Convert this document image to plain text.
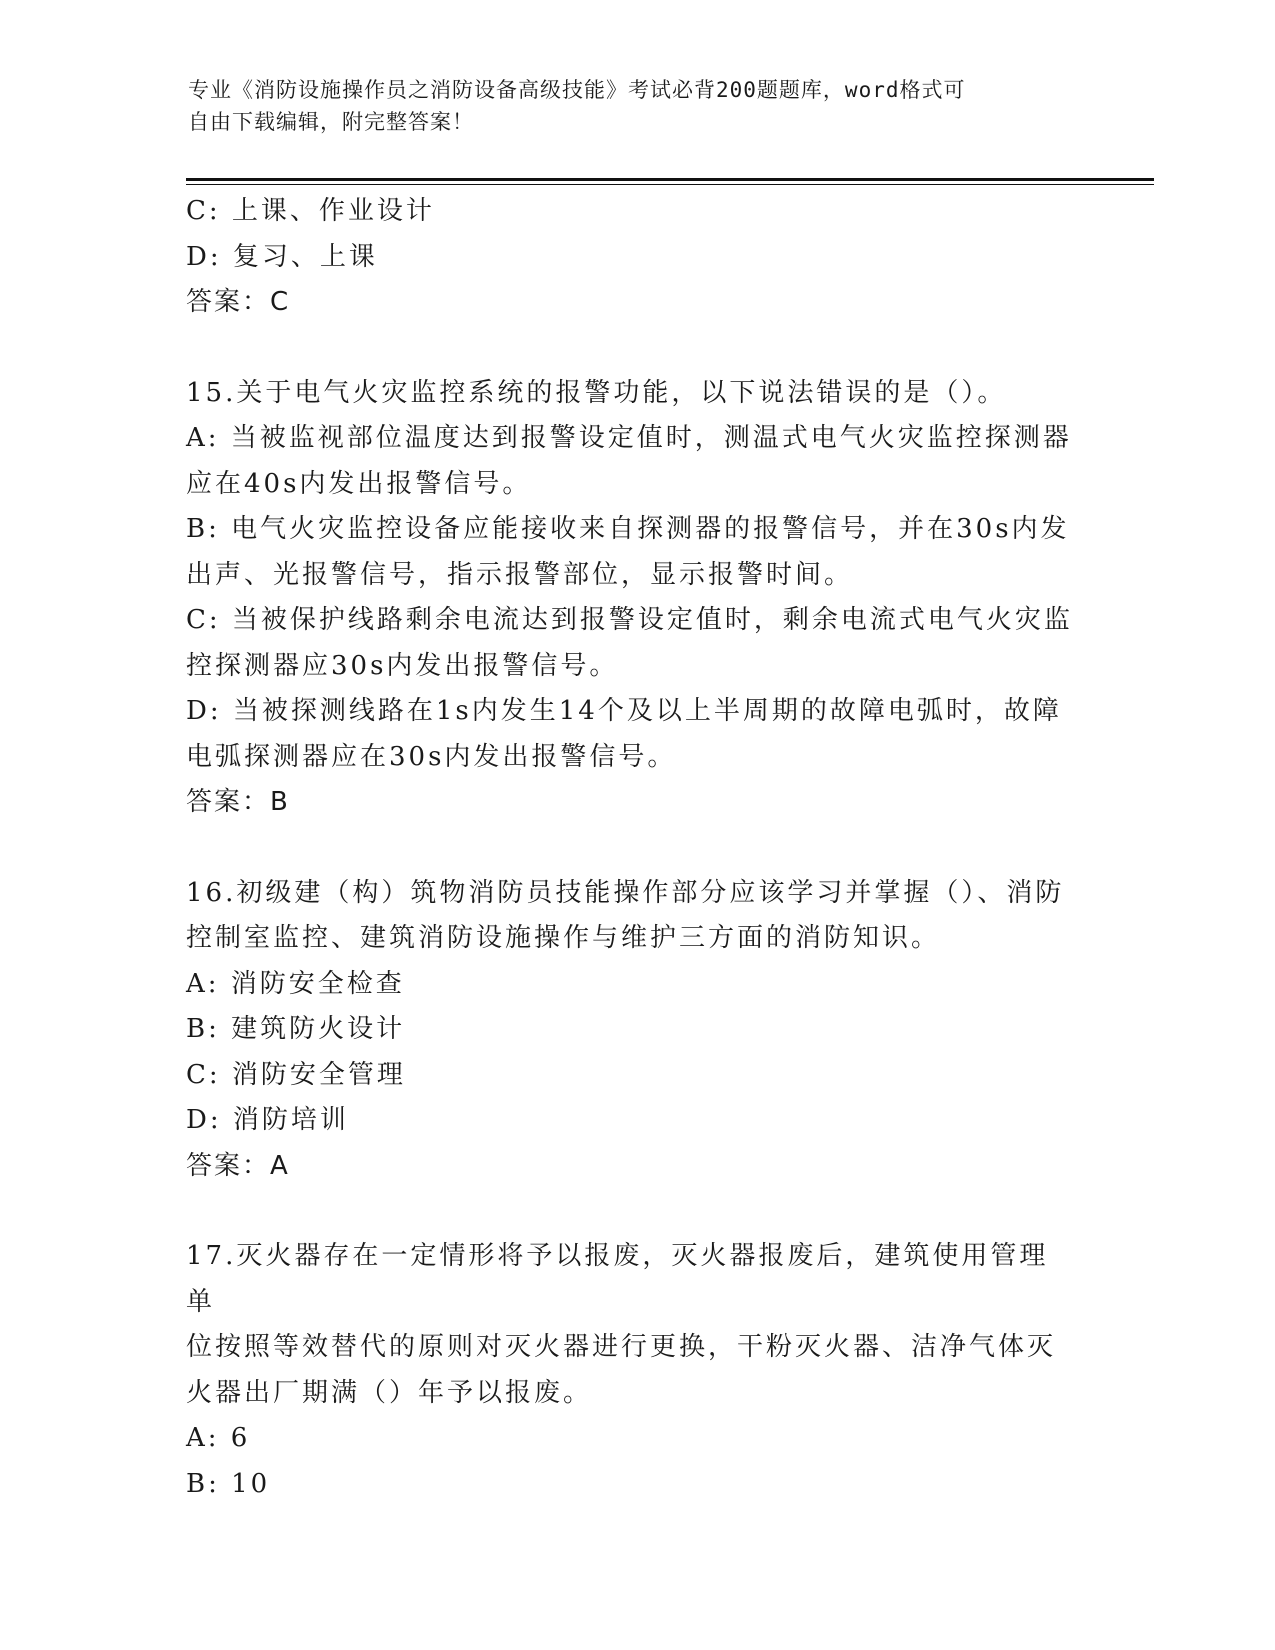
专业《消防设施操作员之消防设备高级技能》考试必背200题题库，word格式可
自由下载编辑，附完整答案！
C: 上课、作业设计
D: 复习、上课
答案：C
15.关于电气火灾监控系统的报警功能，以下说法错误的是（）。
A: 当被监视部位温度达到报警设定值时，测温式电气火灾监控探测器
应在40s内发出报警信号。
B: 电气火灾监控设备应能接收来自探测器的报警信号，并在30s内发
出声、光报警信号，指示报警部位，显示报警时间。
C: 当被保护线路剩余电流达到报警设定值时，剩余电流式电气火灾监
控探测器应30s内发出报警信号。
D: 当被探测线路在1s内发生14个及以上半周期的故障电弧时，故障
电弧探测器应在30s内发出报警信号。
答案：B
16.初级建（构）筑物消防员技能操作部分应该学习并掌握（）、消防
控制室监控、建筑消防设施操作与维护三方面的消防知识。
A: 消防安全检查
B: 建筑防火设计
C: 消防安全管理
D: 消防培训
答案：A
17.灭火器存在一定情形将予以报废，灭火器报废后，建筑使用管理单
位按照等效替代的原则对灭火器进行更换，干粉灭火器、洁净气体灭
火器出厂期满（）年予以报废。
A: 6
B: 10
